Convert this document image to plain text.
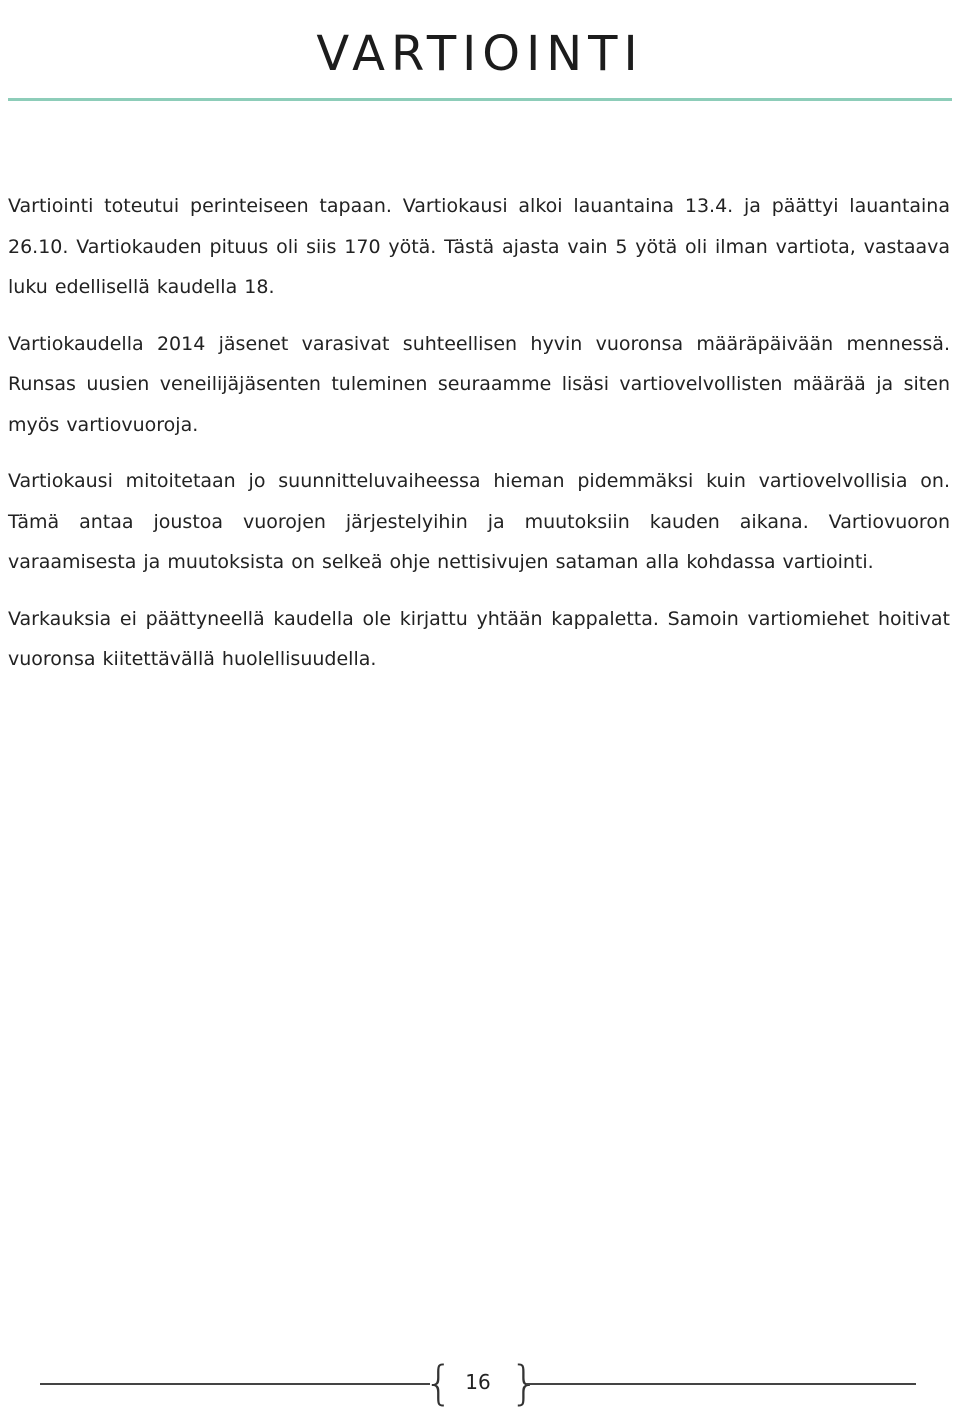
VARTIOINTI

Vartiointi toteutui perinteiseen tapaan. Vartiokausi alkoi lauantaina 13.4. ja päättyi lauantaina 26.10. Vartiokauden pituus oli siis 170 yötä. Tästä ajasta vain 5 yötä oli ilman vartiota, vastaava luku edellisellä kaudella 18.

Vartiokaudella 2014 jäsenet varasivat suhteellisen hyvin vuoronsa määräpäivään mennessä. Runsas uusien veneilijäjäsenten tuleminen seuraamme lisäsi vartiovelvollisten määrää ja siten myös vartiovuoroja.

Vartiokausi mitoitetaan jo suunnitteluvaiheessa hieman pidemmäksi kuin vartiovelvollisia on. Tämä antaa joustoa vuorojen järjestelyihin ja muutoksiin kauden aikana. Vartiovuoron varaamisesta ja muutoksista on selkeä ohje nettisivujen sataman alla kohdassa vartiointi.

Varkauksia ei päättyneellä kaudella ole kirjattu yhtään kappaletta. Samoin vartiomiehet hoitivat vuoronsa kiitettävällä huolellisuudella.

{ 16 }
